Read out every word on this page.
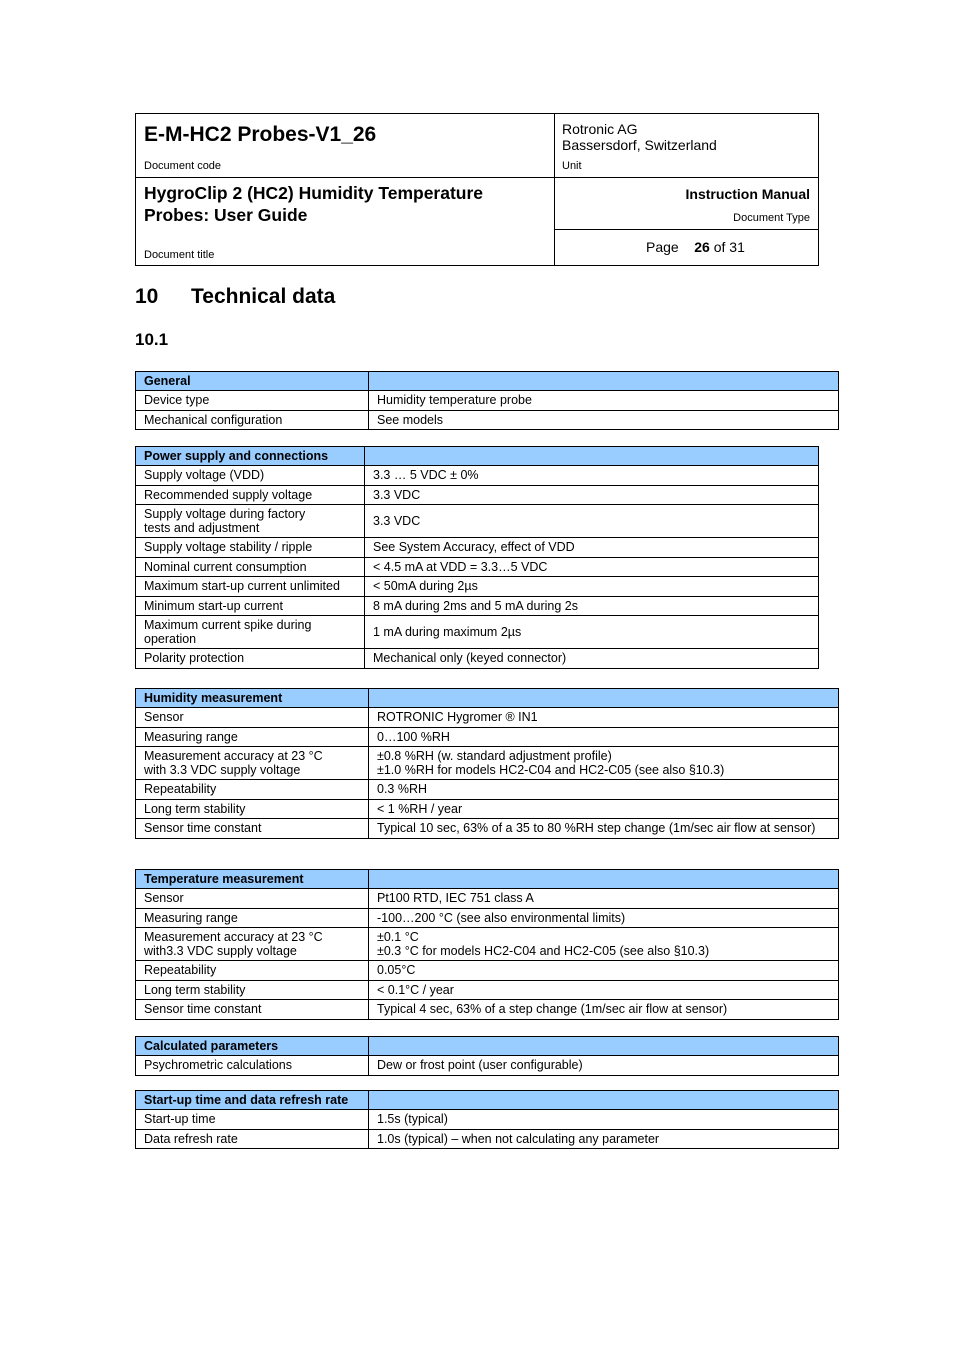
E-M-HC2 Probes-V1_26
Document code
HygroClip 2 (HC2) Humidity Temperature Probes: User Guide
Document title
Rotronic AG
Bassersdorf, Switzerland
Unit
Instruction Manual
Document Type
Page 26 of 31
10 Technical data
10.1
General	
Device type	Humidity temperature probe
Mechanical configuration	See models
Power supply and connections	
Supply voltage (VDD)	3.3 … 5 VDC ± 0%
Recommended supply voltage	3.3 VDC
Supply voltage during factory
tests and adjustment	3.3 VDC
Supply voltage stability / ripple	See System Accuracy, effect of VDD
Nominal current consumption	< 4.5 mA at VDD = 3.3…5 VDC
Maximum start-up current unlimited	< 50mA during 2µs
Minimum start-up current	8 mA during 2ms and 5 mA during 2s
Maximum current spike during
operation	1 mA during maximum 2µs
Polarity protection	Mechanical only (keyed connector)
Humidity measurement	
Sensor	ROTRONIC Hygromer ® IN1
Measuring range	0…100 %RH
Measurement accuracy at 23 °C
with 3.3 VDC supply voltage	±0.8 %RH (w. standard adjustment profile)
±1.0 %RH for models HC2-C04 and HC2-C05 (see also §10.3)
Repeatability	0.3 %RH
Long term stability	< 1 %RH / year
Sensor time constant	Typical 10 sec, 63% of a 35 to 80 %RH step change (1m/sec air flow at sensor)
Temperature measurement	
Sensor	Pt100 RTD, IEC 751 class A
Measuring range	-100…200 °C (see also environmental limits)
Measurement accuracy at 23 °C
with3.3 VDC supply voltage	±0.1 °C
±0.3 °C for models HC2-C04 and HC2-C05 (see also §10.3)
Repeatability	0.05°C
Long term stability	< 0.1°C / year
Sensor time constant	Typical 4 sec, 63% of a step change (1m/sec air flow at sensor)
Calculated parameters	
Psychrometric calculations	Dew or frost point (user configurable)
Start-up time and data refresh rate	
Start-up time	1.5s (typical)
Data refresh rate	1.0s (typical) – when not calculating any parameter
